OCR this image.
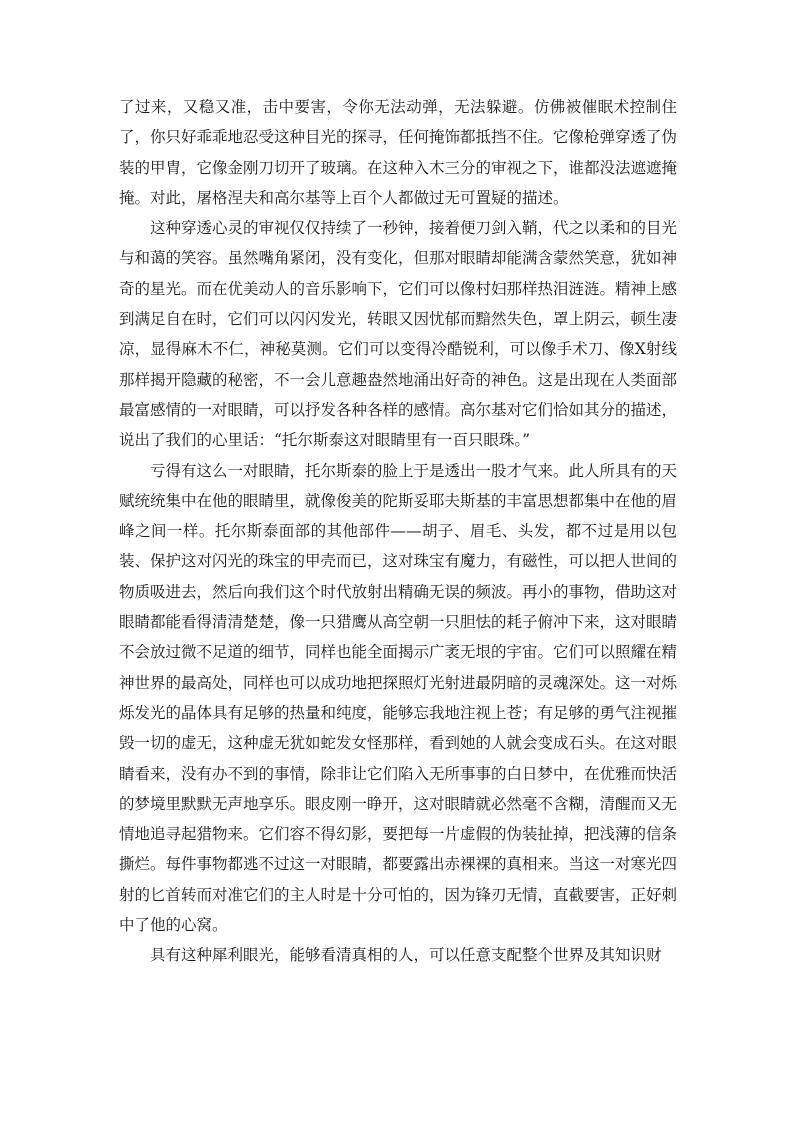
了过来，又稳又准，击中要害，令你无法动弹，无法躲避。仿佛被催眠术控制住了，你只好乖乖地忍受这种目光的探寻，任何掩饰都抵挡不住。它像枪弹穿透了伪装的甲胄，它像金刚刀切开了玻璃。在这种入木三分的审视之下，谁都没法遮遮掩掩。对此，屠格涅夫和高尔基等上百个人都做过无可置疑的描述。

这种穿透心灵的审视仅仅持续了一秒钟，接着便刀剑入鞘，代之以柔和的目光与和蔼的笑容。虽然嘴角紧闭，没有变化，但那对眼睛却能满含蒙然笑意，犹如神奇的星光。而在优美动人的音乐影响下，它们可以像村妇那样热泪涟涟。精神上感到满足自在时，它们可以闪闪发光，转眼又因忧郁而黯然失色，罩上阴云，顿生凄凉，显得麻木不仁，神秘莫测。它们可以变得冷酷锐利，可以像手术刀、像X射线那样揭开隐藏的秘密，不一会儿意趣盎然地涌出好奇的神色。这是出现在人类面部最富感情的一对眼睛，可以抒发各种各样的感情。高尔基对它们恰如其分的描述，说出了我们的心里话：“托尔斯泰这对眼睛里有一百只眼珠。”

亏得有这么一对眼睛，托尔斯泰的脸上于是透出一股才气来。此人所具有的天赋统统集中在他的眼睛里，就像俊美的陀斯妥耶夫斯基的丰富思想都集中在他的眉峰之间一样。托尔斯泰面部的其他部件——胡子、眉毛、头发，都不过是用以包装、保护这对闪光的珠宝的甲壳而已，这对珠宝有魔力，有磁性，可以把人世间的物质吸进去，然后向我们这个时代放射出精确无误的频波。再小的事物，借助这对眼睛都能看得清清楚楚，像一只猎鹰从高空朝一只胆怯的耗子俯冲下来，这对眼睛不会放过微不足道的细节，同样也能全面揭示广袤无垠的宇宙。它们可以照耀在精神世界的最高处，同样也可以成功地把探照灯光射进最阴暗的灵魂深处。这一对烁烁发光的晶体具有足够的热量和纯度，能够忘我地注视上苍；有足够的勇气注视摧毁一切的虚无，这种虚无犹如蛇发女怪那样，看到她的人就会变成石头。在这对眼睛看来，没有办不到的事情，除非让它们陷入无所事事的白日梦中，在优雅而快活的梦境里默默无声地享乐。眼皮刚一睁开，这对眼睛就必然毫不含糊，清醒而又无情地追寻起猎物来。它们容不得幻影，要把每一片虚假的伪装扯掉，把浅薄的信条撕烂。每件事物都逃不过这一对眼睛，都要露出赤裸裸的真相来。当这一对寒光四射的匕首转而对准它们的主人时是十分可怕的，因为锋刃无情，直截要害，正好刺中了他的心窝。

具有这种犀利眼光，能够看清真相的人，可以任意支配整个世界及其知识财
